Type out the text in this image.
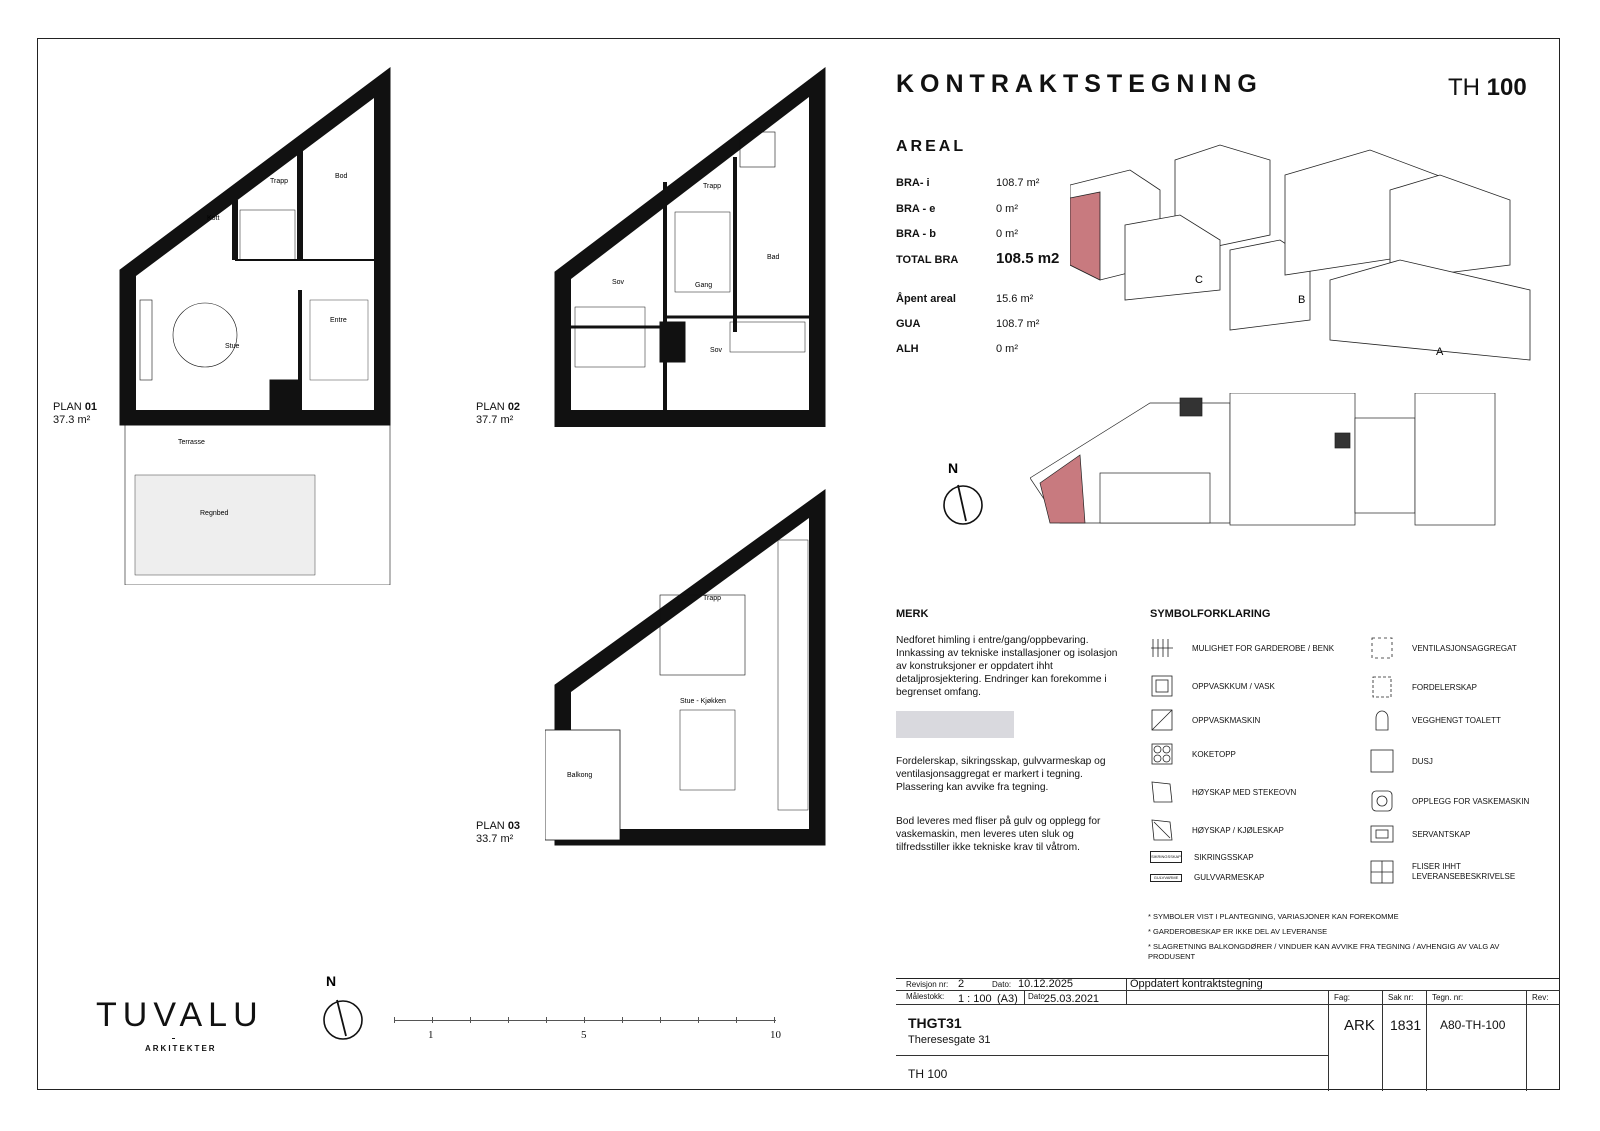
KONTRAKTSTEGNING	TH 100
AREAL
BRA- i	108.7 m²
BRA - e	0 m²
BRA - b	0 m²
TOTAL BRA	108.5 m2
Åpent areal	15.6 m²
GUA	108.7 m²
ALH	0 m²
Trapp
Bod
Kott
Stue
Entre
Terrasse
Regnbed
PLAN 01
37.3 m²
Trapp
Bad
Sov	Gang
Sov
PLAN 02
37.7 m²
Trapp
Stue - Kjøkken
Balkong
PLAN 03
33.7 m²
C
B
A
N
MERK
Nedforet himling i entre/gang/oppbevaring. Innkassing av tekniske installasjoner og isolasjon av konstruksjoner er oppdatert ihht detaljprosjektering. Endringer kan forekomme i begrenset omfang.
Fordelerskap, sikringsskap, gulvvarmeskap og ventilasjonsaggregat er markert i tegning. Plassering kan avvike fra tegning.
Bod leveres med fliser på gulv og opplegg for vaskemaskin, men leveres uten sluk og tilfredsstiller ikke tekniske krav til våtrom.
SYMBOLFORKLARING
MULIGHET FOR GARDEROBE / BENK
OPPVASKKUM / VASK
OPPVASKMASKIN
KOKETOPP
HØYSKAP MED STEKEOVN
HØYSKAP / KJØLESKAP
SIKRINGSSKAP SIKRINGSSKAP
GULVVARME	GULVVARMESKAP
VENTILASJONSAGGREGAT
FORDELERSKAP
VEGGHENGT TOALETT
DUSJ
OPPLEGG FOR VASKEMASKIN
SERVANTSKAP
FLISER IHHT LEVERANSEBESKRIVELSE
* SYMBOLER VIST I PLANTEGNING, VARIASJONER KAN FOREKOMME
* GARDEROBESKAP ER IKKE DEL AV LEVERANSE
* SLAGRETNING BALKONGDØRER / VINDUER KAN AVVIKE FRA TEGNING / AVHENGIG AV VALG AV PRODUSENT
Revisjon nr: 2	Dato: 10.12.2025	Oppdatert kontraktstegning
Målestokk: 1 : 100 (A3) Dato 25.03.2021	Fag:
ARK
Sak nr:
1831
Tegn. nr:
A80-TH-100
Rev:
THGT31
Theresesgate 31
TH 100
TUVALU
ARKITEKTER
N
1	5	10
